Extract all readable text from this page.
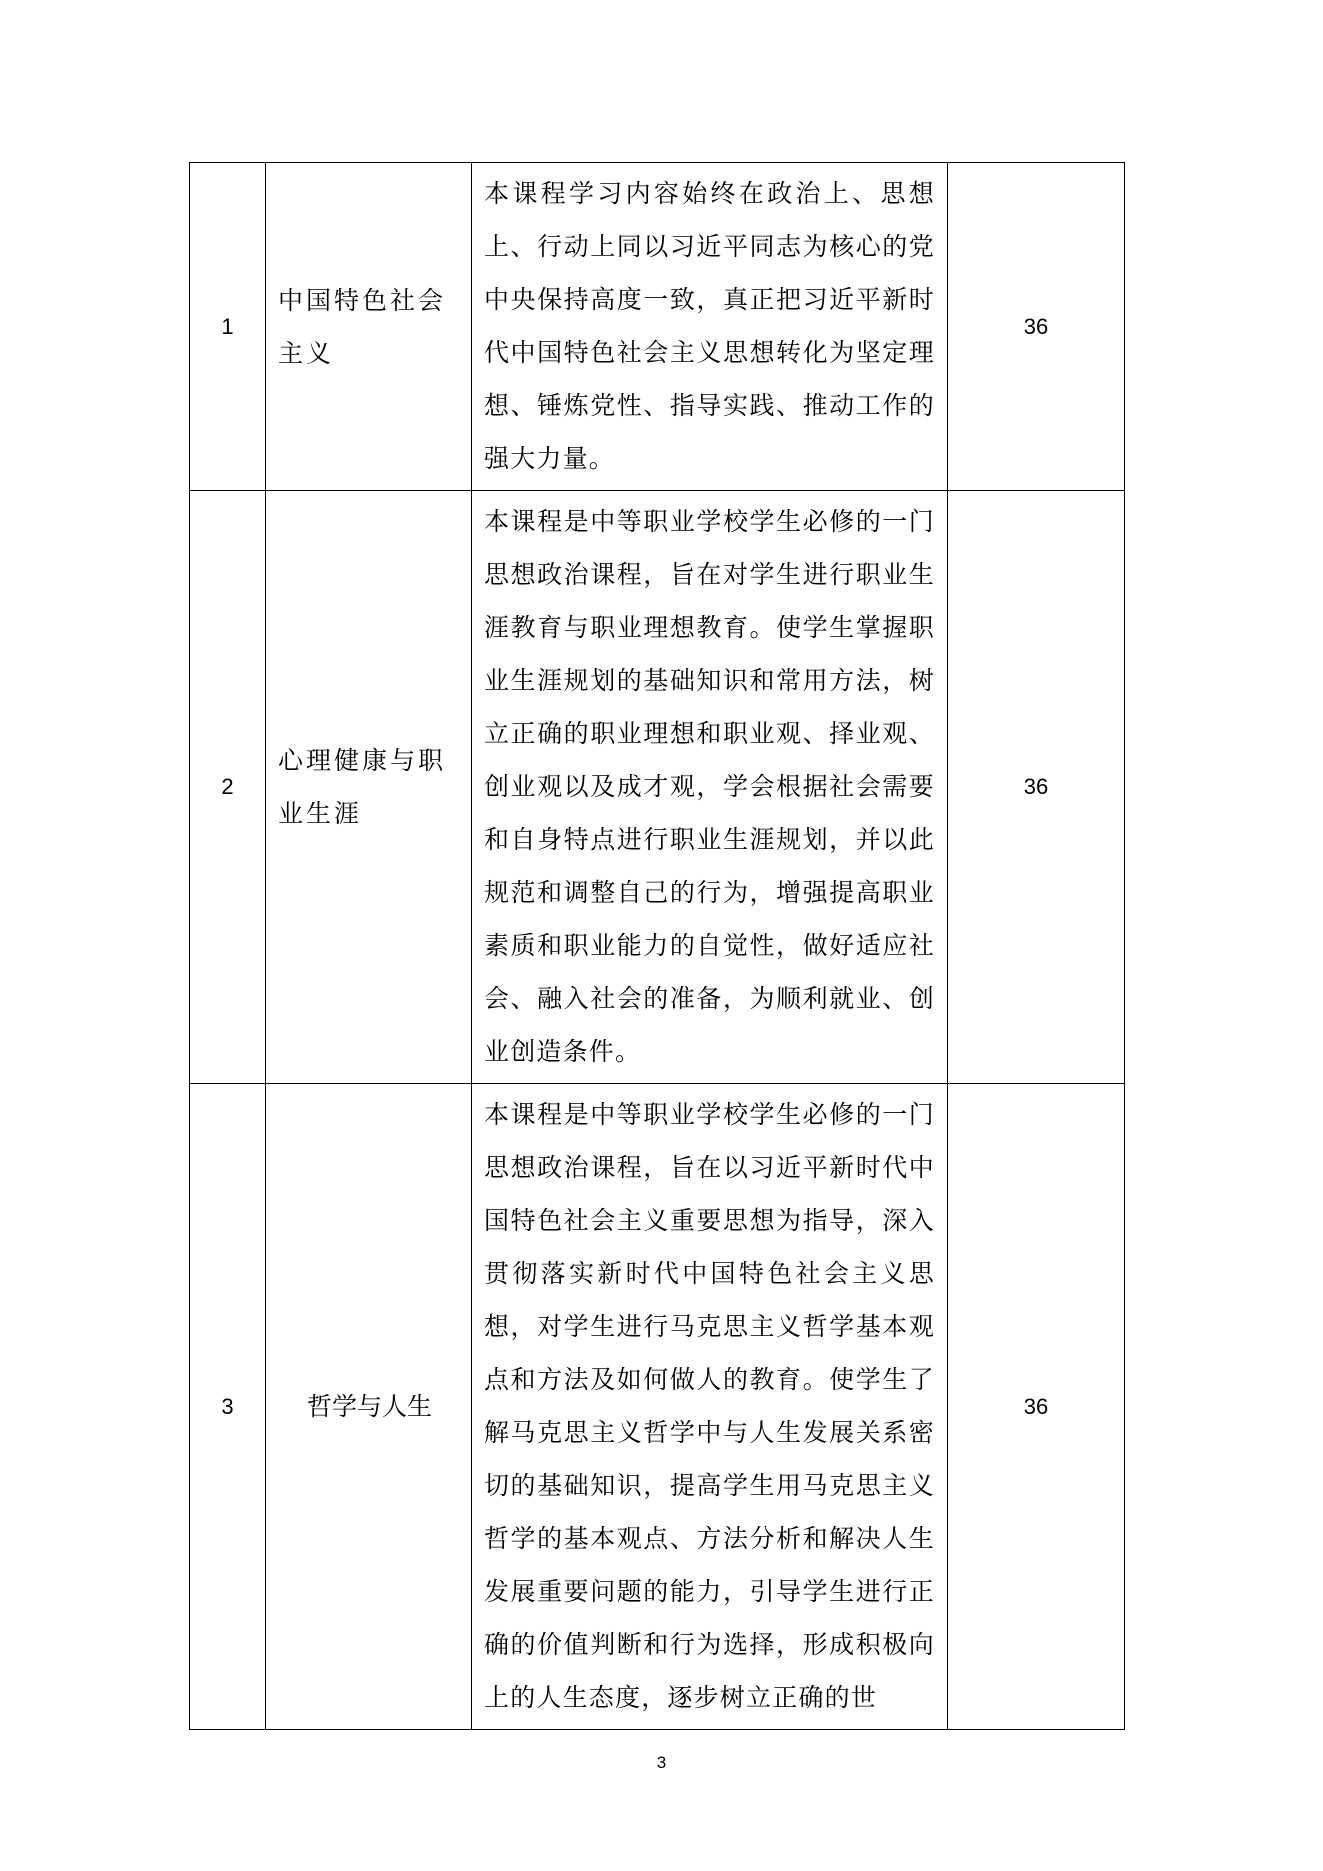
1	中国特色社会主义	本课程学习内容始终在政治上、思想上、行动上同以习近平同志为核心的党中央保持高度一致，真正把习近平新时代中国特色社会主义思想转化为坚定理想、锤炼党性、指导实践、推动工作的强大力量。	36
2	心理健康与职业生涯	本课程是中等职业学校学生必修的一门思想政治课程，旨在对学生进行职业生涯教育与职业理想教育。使学生掌握职业生涯规划的基础知识和常用方法，树立正确的职业理想和职业观、择业观、创业观以及成才观，学会根据社会需要和自身特点进行职业生涯规划，并以此规范和调整自己的行为，增强提高职业素质和职业能力的自觉性，做好适应社会、融入社会的准备，为顺利就业、创业创造条件。	36
3	哲学与人生	本课程是中等职业学校学生必修的一门思想政治课程，旨在以习近平新时代中国特色社会主义重要思想为指导，深入贯彻落实新时代中国特色社会主义思想，对学生进行马克思主义哲学基本观点和方法及如何做人的教育。使学生了解马克思主义哲学中与人生发展关系密切的基础知识，提高学生用马克思主义哲学的基本观点、方法分析和解决人生发展重要问题的能力，引导学生进行正确的价值判断和行为选择，形成积极向上的人生态度，逐步树立正确的世	36
3
